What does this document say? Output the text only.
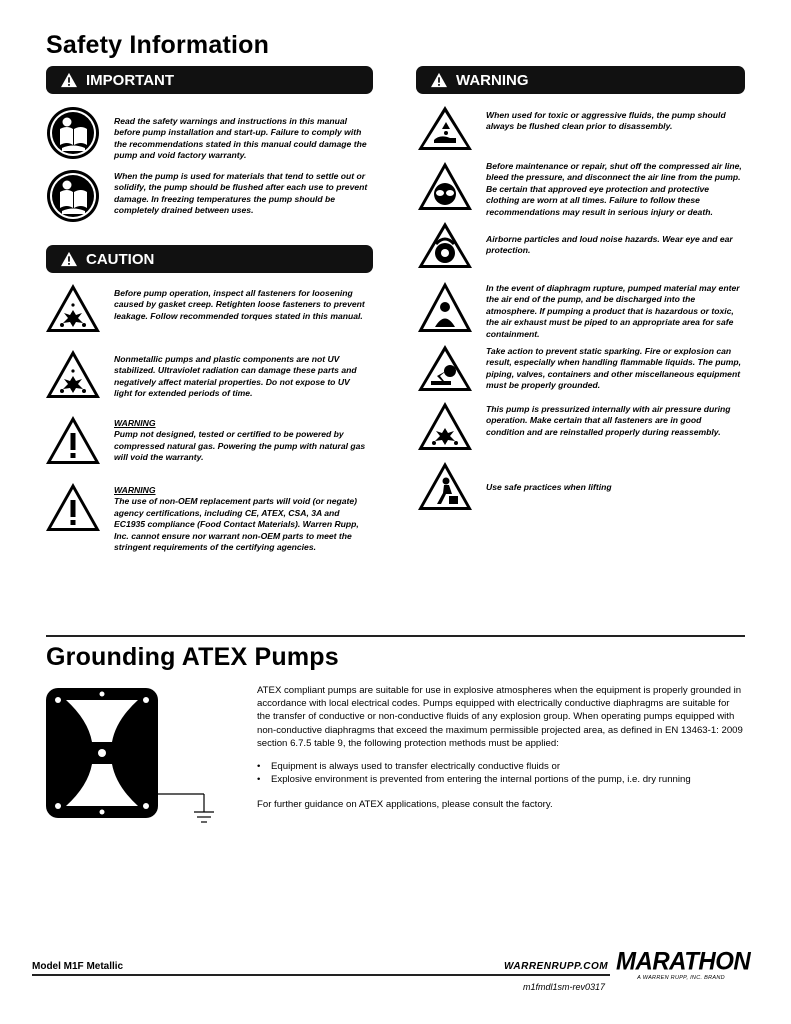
Safety Information
IMPORTANT
Read the safety warnings and instructions in this manual before pump installation and start-up. Failure to comply with the recommendations stated in this manual could damage the pump and void factory warranty.
When the pump is used for materials that tend to settle out or solidify, the pump should be flushed after each use to prevent damage. In freezing temperatures the pump should be completely drained between uses.
CAUTION
Before pump operation, inspect all fasteners for loosening caused by gasket creep. Retighten loose fasteners to prevent leakage. Follow recommended torques stated in this manual.
Nonmetallic pumps and plastic components are not UV stabilized. Ultraviolet radiation can damage these parts and negatively affect material properties. Do not expose to UV light for extended periods of time.
WARNING
Pump not designed, tested or certified to be powered by compressed natural gas. Powering the pump with natural gas will void the warranty.
WARNING
The use of non-OEM replacement parts will void (or negate) agency certifications, including CE, ATEX, CSA, 3A and EC1935 compliance (Food Contact Materials). Warren Rupp, Inc. cannot ensure nor warrant non-OEM parts to meet the stringent requirements of the certifying agencies.
WARNING
When used for toxic or aggressive fluids, the pump should always be flushed clean prior to disassembly.
Before maintenance or repair, shut off the compressed air line, bleed the pressure, and disconnect the air line from the pump. Be certain that approved eye protection and protective clothing are worn at all times. Failure to follow these recommendations may result in serious injury or death.
Airborne particles and loud noise hazards. Wear eye and ear protection.
In the event of diaphragm rupture, pumped material may enter the air end of the pump, and be discharged into the atmosphere. If pumping a product that is hazardous or toxic, the air exhaust must be piped to an appropriate area for safe containment.
Take action to prevent static sparking. Fire or explosion can result, especially when handling flammable liquids. The pump, piping, valves, containers and other miscellaneous equipment must be properly grounded.
This pump is pressurized internally with air pressure during operation. Make certain that all fasteners are in good condition and are reinstalled properly during reassembly.
Use safe practices when lifting
Grounding ATEX Pumps
ATEX compliant pumps are suitable for use in explosive atmospheres when the equipment is properly grounded in accordance with local electrical codes. Pumps equipped with electrically conductive diaphragms are suitable for the transfer of conductive or non-conductive fluids of any explosion group. When operating pumps equipped with non-conductive diaphragms that exceed the maximum permissible projected area, as defined in EN 13463-1: 2009 section 6.7.5 table 9, the following protection methods must be applied:
• Equipment is always used to transfer electrically conductive fluids or
• Explosive environment is prevented from entering the internal portions of the pump, i.e. dry running
For further guidance on ATEX applications, please consult the factory.
Model M1F Metallic	WARRENRUPP.COM MARATHON
A WARREN RUPP, INC. BRAND
m1fmdl1sm-rev0317
